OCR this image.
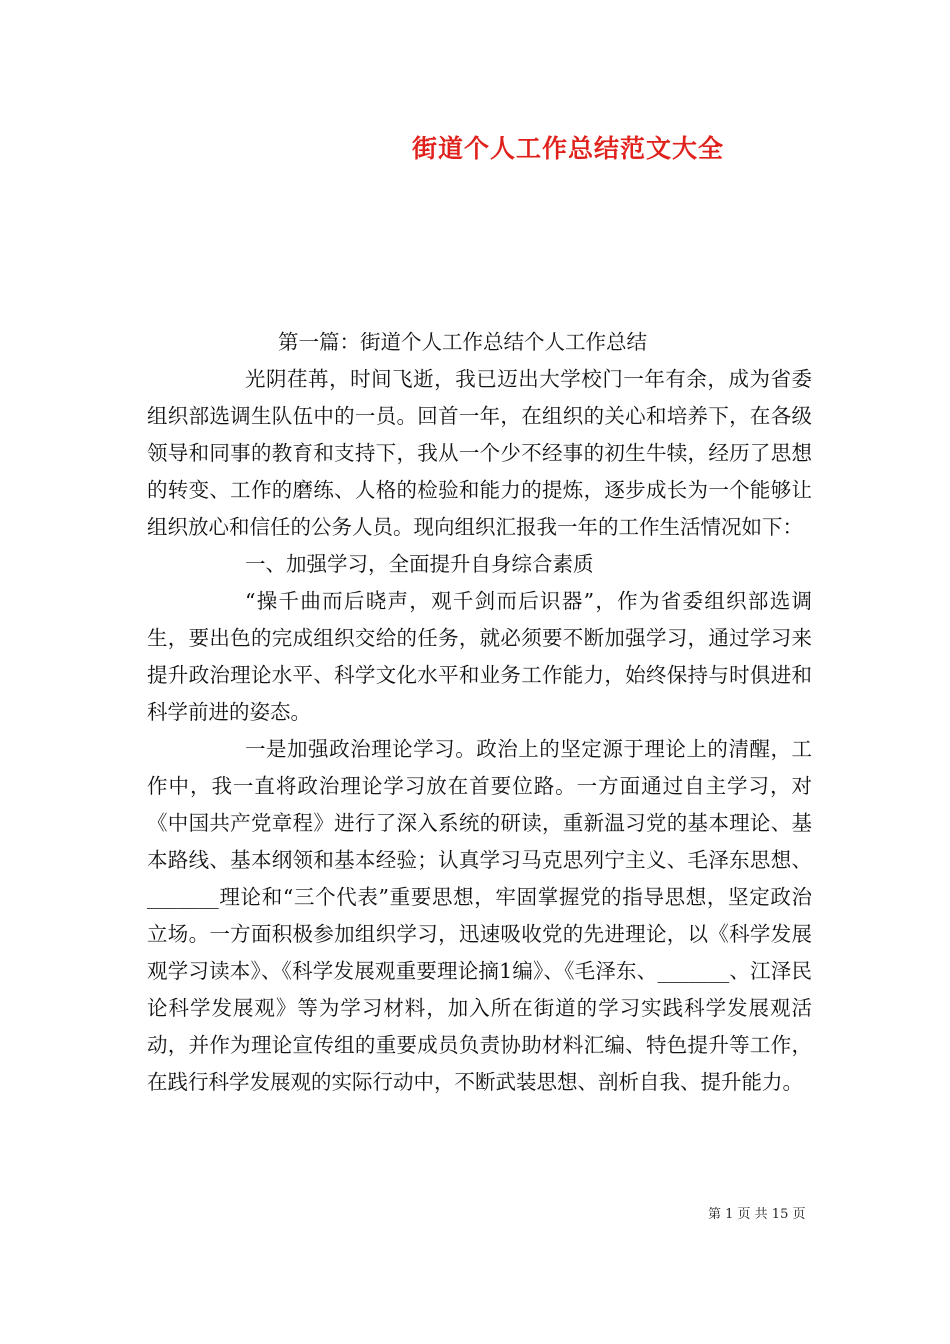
街道个人工作总结范文大全

第一篇：街道个人工作总结个人工作总结

光阴荏苒，时间飞逝，我已迈出大学校门一年有余，成为省委组织部选调生队伍中的一员。回首一年，在组织的关心和培养下，在各级领导和同事的教育和支持下，我从一个少不经事的初生牛犊，经历了思想的转变、工作的磨练、人格的检验和能力的提炼，逐步成长为一个能够让组织放心和信任的公务人员。现向组织汇报我一年的工作生活情况如下：

一、加强学习，全面提升自身综合素质

“操千曲而后晓声，观千剑而后识器”，作为省委组织部选调生，要出色的完成组织交给的任务，就必须要不断加强学习，通过学习来提升政治理论水平、科学文化水平和业务工作能力，始终保持与时俱进和科学前进的姿态。

一是加强政治理论学习。政治上的坚定源于理论上的清醒，工作中，我一直将政治理论学习放在首要位路。一方面通过自主学习，对《中国共产党章程》进行了深入系统的研读，重新温习党的基本理论、基本路线、基本纲领和基本经验；认真学习马克思列宁主义、毛泽东思想、_______理论和“三个代表”重要思想，牢固掌握党的指导思想，坚定政治立场。一方面积极参加组织学习，迅速吸收党的先进理论，以《科学发展观学习读本》、《科学发展观重要理论摘1编》、《毛泽东、_______、江泽民论科学发展观》等为学习材料，加入所在街道的学习实践科学发展观活动，并作为理论宣传组的重要成员负责协助材料汇编、特色提升等工作，在践行科学发展观的实际行动中，不断武装思想、剖析自我、提升能力。

第 1 页 共 15 页
